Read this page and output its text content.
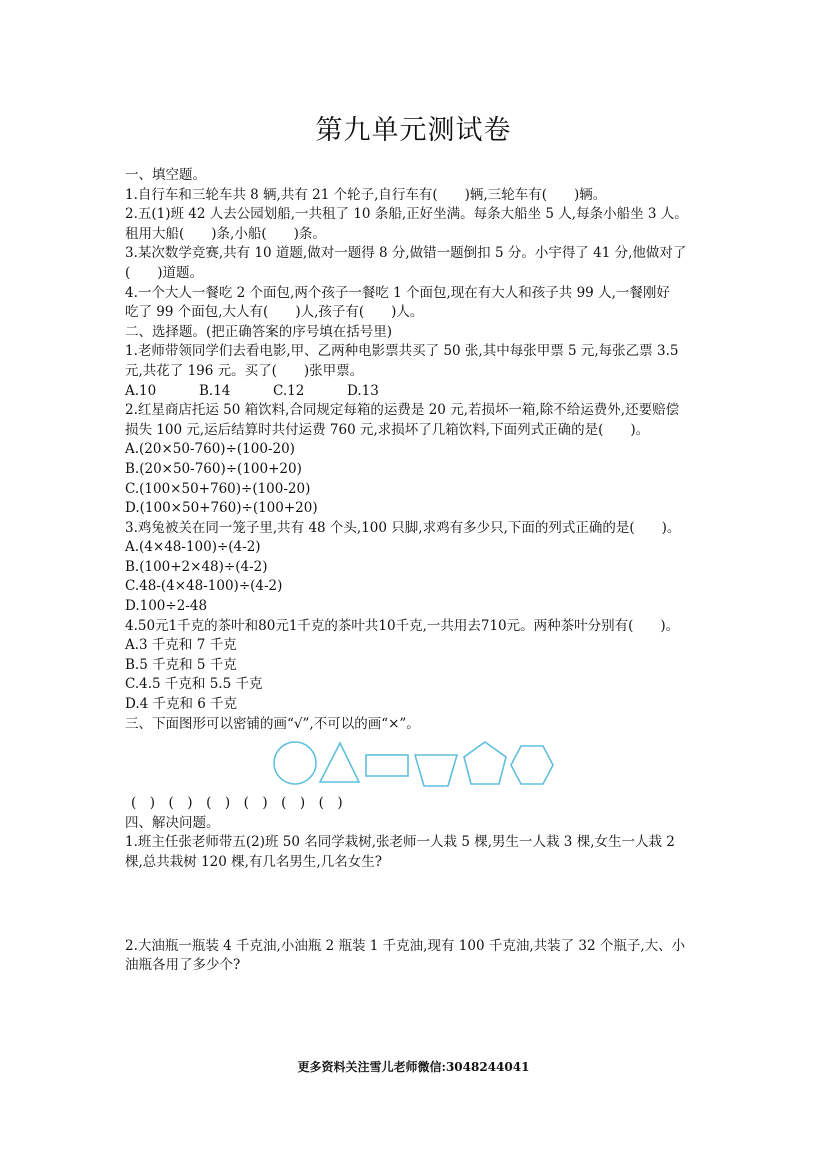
第九单元测试卷
一、填空题。
1.自行车和三轮车共 8 辆,共有 21 个轮子,自行车有(　　)辆,三轮车有(　　)辆。
2.五(1)班 42 人去公园划船,一共租了 10 条船,正好坐满。每条大船坐 5 人,每条小船坐 3 人。
租用大船(　　)条,小船(　　)条。
3.某次数学竞赛,共有 10 道题,做对一题得 8 分,做错一题倒扣 5 分。小宇得了 41 分,他做对了
(　　)道题。
4.一个大人一餐吃 2 个面包,两个孩子一餐吃 1 个面包,现在有大人和孩子共 99 人,一餐刚好
吃了 99 个面包,大人有(　　)人,孩子有(　　)人。
二、选择题。(把正确答案的序号填在括号里)
1.老师带领同学们去看电影,甲、乙两种电影票共买了 50 张,其中每张甲票 5 元,每张乙票 3.5
元,共花了 196 元。买了(　　)张甲票。
A.10	B.14	C.12	D.13
2.红星商店托运 50 箱饮料,合同规定每箱的运费是 20 元,若损坏一箱,除不给运费外,还要赔偿
损失 100 元,运后结算时共付运费 760 元,求损坏了几箱饮料,下面列式正确的是(　　)。
A.(20×50-760)÷(100-20)
B.(20×50-760)÷(100+20)
C.(100×50+760)÷(100-20)
D.(100×50+760)÷(100+20)
3.鸡兔被关在同一笼子里,共有 48 个头,100 只脚,求鸡有多少只,下面的列式正确的是(　　)。
A.(4×48-100)÷(4-2)
B.(100+2×48)÷(4-2)
C.48-(4×48-100)÷(4-2)
D.100÷2-48
4.50元1千克的茶叶和80元1千克的茶叶共10千克,一共用去710元。两种茶叶分别有(　　)。
A.3 千克和 7 千克
B.5 千克和 5 千克
C.4.5 千克和 5.5 千克
D.4 千克和 6 千克
三、下面图形可以密铺的画“√”,不可以的画“×”。
(　)　(　)　(　)　(　)　(　)　(　)
四、解决问题。
1.班主任张老师带五(2)班 50 名同学栽树,张老师一人栽 5 棵,男生一人栽 3 棵,女生一人栽 2
棵,总共栽树 120 棵,有几名男生,几名女生?
2.大油瓶一瓶装 4 千克油,小油瓶 2 瓶装 1 千克油,现有 100 千克油,共装了 32 个瓶子,大、小
油瓶各用了多少个?
更多资料关注雪儿老师微信:3048244041
